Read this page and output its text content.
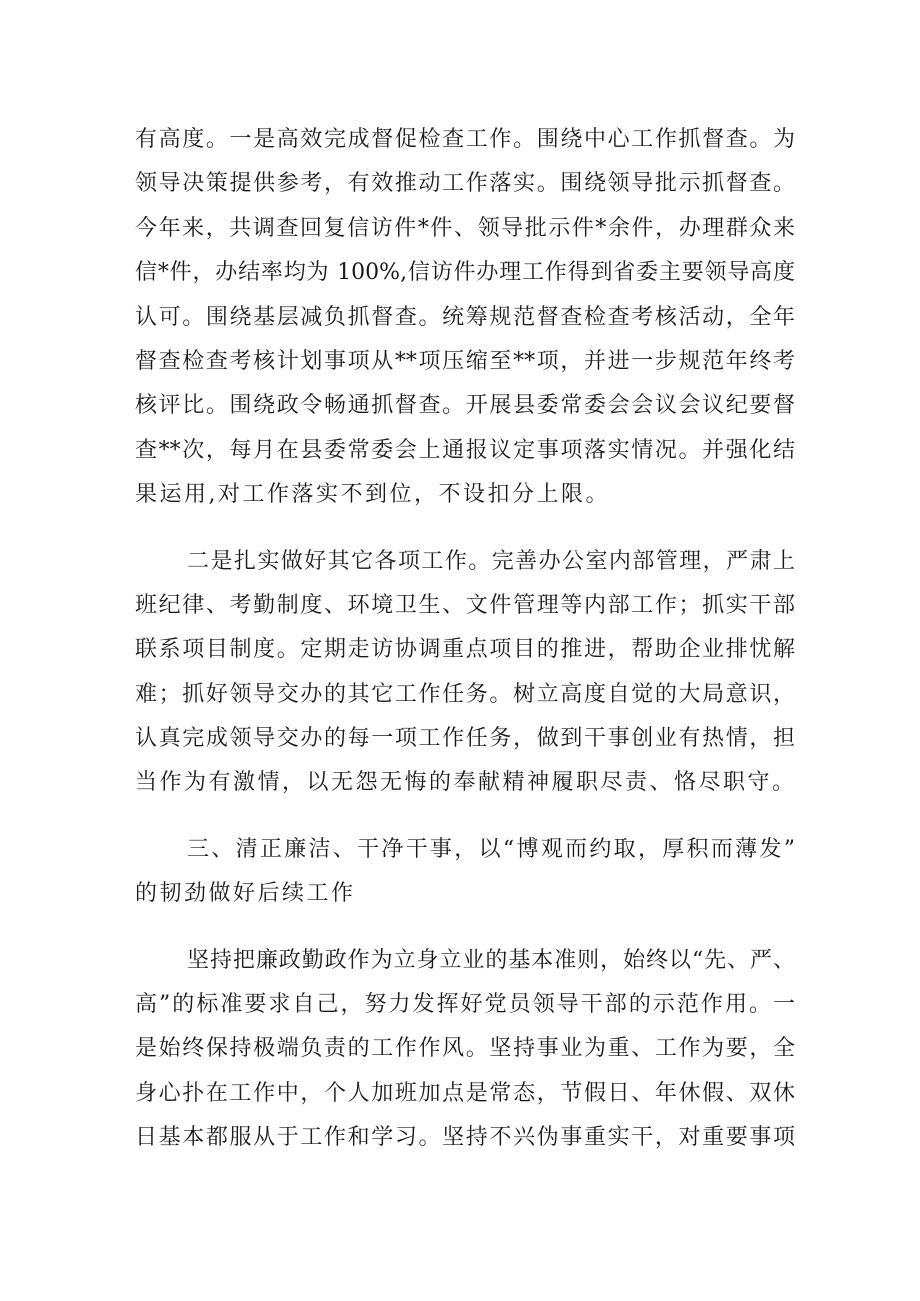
有高度。一是高效完成督促检查工作。围绕中心工作抓督查。为
领导决策提供参考，有效推动工作落实。围绕领导批示抓督查。
今年来，共调查回复信访件*件、领导批示件*余件，办理群众来
信*件，办结率均为 100%,信访件办理工作得到省委主要领导高度
认可。围绕基层减负抓督查。统筹规范督查检查考核活动，全年
督查检查考核计划事项从**项压缩至**项，并进一步规范年终考
核评比。围绕政令畅通抓督查。开展县委常委会会议会议纪要督
查**次，每月在县委常委会上通报议定事项落实情况。并强化结
果运用,对工作落实不到位，不设扣分上限。
二是扎实做好其它各项工作。完善办公室内部管理，严肃上
班纪律、考勤制度、环境卫生、文件管理等内部工作；抓实干部
联系项目制度。定期走访协调重点项目的推进，帮助企业排忧解
难；抓好领导交办的其它工作任务。树立高度自觉的大局意识，
认真完成领导交办的每一项工作任务，做到干事创业有热情，担
当作为有激情，以无怨无悔的奉献精神履职尽责、恪尽职守。
三、清正廉洁、干净干事，以“博观而约取，厚积而薄发”
的韧劲做好后续工作
坚持把廉政勤政作为立身立业的基本准则，始终以“先、严、
高”的标准要求自己，努力发挥好党员领导干部的示范作用。一
是始终保持极端负责的工作作风。坚持事业为重、工作为要，全
身心扑在工作中，个人加班加点是常态，节假日、年休假、双休
日基本都服从于工作和学习。坚持不兴伪事重实干，对重要事项
